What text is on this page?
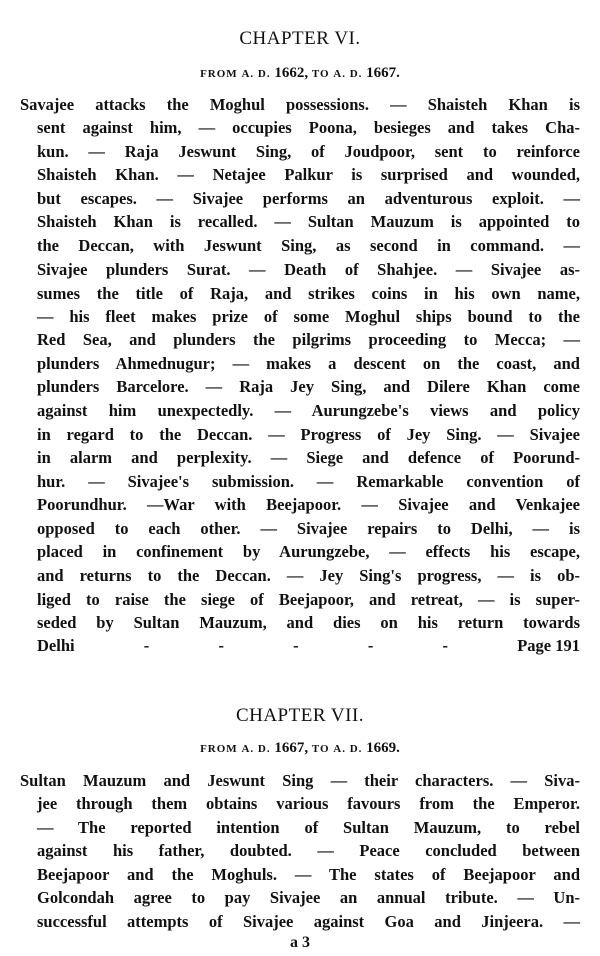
CHAPTER VI.
FROM A. D. 1662, TO A. D. 1667.
Savajee attacks the Moghul possessions. — Shaisteh Khan is
sent against him, — occupies Poona, besieges and takes Cha-
kun. — Raja Jeswunt Sing, of Joudpoor, sent to reinforce
Shaisteh Khan. — Netajee Palkur is surprised and wounded,
but escapes. — Sivajee performs an adventurous exploit. —
Shaisteh Khan is recalled. — Sultan Mauzum is appointed to
the Deccan, with Jeswunt Sing, as second in command. —
Sivajee plunders Surat. — Death of Shahjee. — Sivajee as-
sumes the title of Raja, and strikes coins in his own name,
— his fleet makes prize of some Moghul ships bound to the
Red Sea, and plunders the pilgrims proceeding to Mecca; —
plunders Ahmednugur; — makes a descent on the coast, and
plunders Barcelore. — Raja Jey Sing, and Dilere Khan come
against him unexpectedly. — Aurungzebe's views and policy
in regard to the Deccan. — Progress of Jey Sing. — Sivajee
in alarm and perplexity. — Siege and defence of Poorund-
hur. — Sivajee's submission. — Remarkable convention of
Poorundhur. —War with Beejapoor. — Sivajee and Venkajee
opposed to each other. — Sivajee repairs to Delhi, — is
placed in confinement by Aurungzebe, — effects his escape,
and returns to the Deccan. — Jey Sing's progress, — is ob-
liged to raise the siege of Beejapoor, and retreat, — is super-
seded by Sultan Mauzum, and dies on his return towards
Delhi	-	-	-	-	-	Page 191
CHAPTER VII.
FROM A. D. 1667, TO A. D. 1669.
Sultan Mauzum and Jeswunt Sing — their characters. — Siva-
jee through them obtains various favours from the Emperor.
— The reported intention of Sultan Mauzum, to rebel
against his father, doubted. — Peace concluded between
Beejapoor and the Moghuls. — The states of Beejapoor and
Golcondah agree to pay Sivajee an annual tribute. — Un-
successful attempts of Sivajee against Goa and Jinjeera. —
a 3
